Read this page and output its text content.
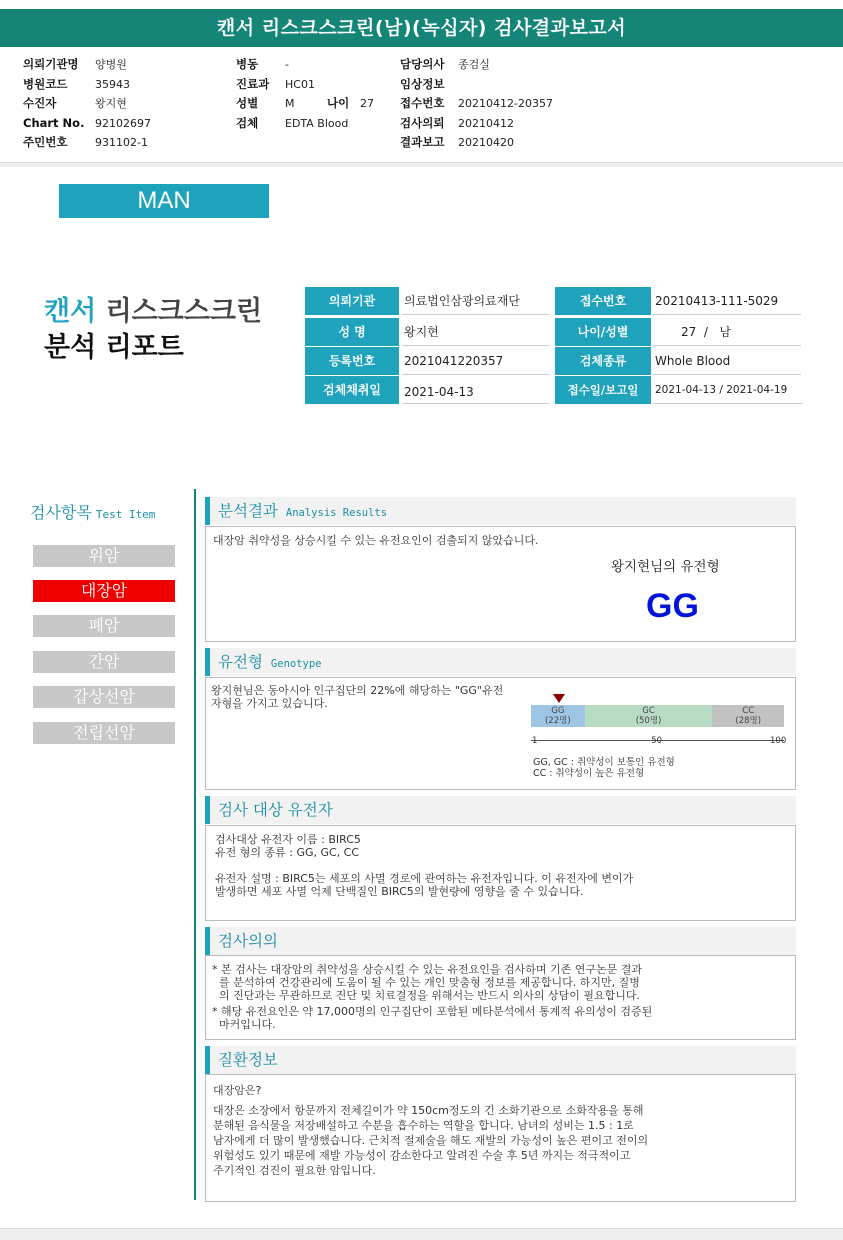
캔서 리스크스크린(남)(녹십자) 검사결과보고서
의뢰기관명 양병원
병원코드	35943
수진자	왕지현
Chart No. 92102697
주민번호	931102-1
병동 -
진료과 HC01
성별 M	나이 27
검체 EDTA Blood
담당의사 종검실
임상정보
접수번호 20210412-20357
검사의뢰 20210412
결과보고 20210420
MAN
캔서 리스크스크린
분석 리포트
의뢰기관	의료법인삼광의료재단	접수번호	20210413-111-5029
성 명	왕지현	나이/성별	27  /   남
등록번호	2021041220357	검체종류	Whole Blood
검체채취일	2021-04-13	접수일/보고일	2021-04-13 / 2021-04-19
검사항목 Test Item
위암
대장암
폐암
간암
갑상선암
전립선암
분석결과 Analysis Results
대장암 취약성을 상승시킬 수 있는 유전요인이 검출되지 않았습니다.
왕지현님의 유전형
GG
유전형 Genotype
왕지현님은 동아시아 인구집단의 22%에 해당하는 "GG"유전자형을 가지고 있습니다.
GG, GC : 취약성이 보통인 유전형
CC : 취약성이 높은 유전형
GG
(22명)
GC
(50명)
CC
(28명)
1	50	100
검사 대상 유전자
검사대상 유전자 이름 : BIRC5
유전 형의 종류 : GG, GC, CC
유전자 설명 : BIRC5는 세포의 사멸 경로에 관여하는 유전자입니다. 이 유전자에 변이가
발생하면 세포 사멸 억제 단백질인 BIRC5의 발현량에 영향을 줄 수 있습니다.
검사의의
* 본 검사는 대장암의 취약성을 상승시킬 수 있는 유전요인을 검사하며 기존 연구논문 결과
를 분석하여 건강관리에 도움이 될 수 있는 개인 맞춤형 정보를 제공합니다. 하지만, 질병
의 진단과는 무관하므로 진단 및 치료결정을 위해서는 반드시 의사의 상담이 필요합니다.
* 해당 유전요인은 약 17,000명의 인구집단이 포함된 메타분석에서 통계적 유의성이 검증된
마커입니다.
질환정보
대장암은?
대장은 소장에서 항문까지 전체길이가 약 150cm정도의 긴 소화기관으로 소화작용을 통해
분해된 음식물을 저장배설하고 수분을 흡수하는 역할을 합니다. 남녀의 성비는 1.5 : 1로
남자에게 더 많이 발생했습니다. 근치적 절제술을 해도 재발의 가능성이 높은 편이고 전이의
위험성도 있기 때문에 재발 가능성이 감소한다고 알려진 수술 후 5년 까지는 적극적이고
주기적인 검진이 필요한 암입니다.
